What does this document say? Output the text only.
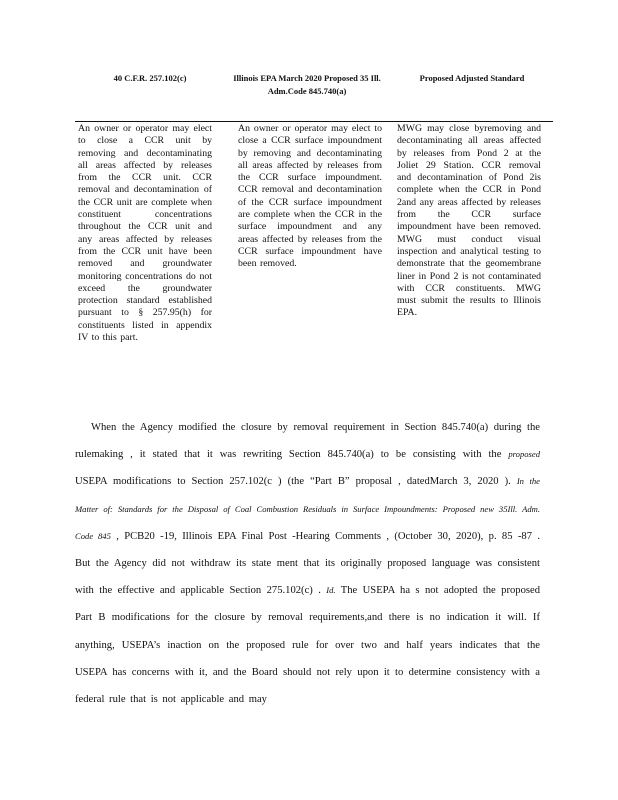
40 C.F.R. 257.102(c)	Illinois EPA March 2020 Proposed 35 Ill. Adm.Code 845.740(a)
Proposed Adjusted Standard
An owner or operator may elect to close a CCR unit by removing and decontaminating all areas affected by releases from the CCR unit. CCR removal and decontamination of the CCR unit are complete when constituent concentrations throughout the CCR unit and any areas affected by releases from the CCR unit have been removed and groundwater monitoring concentrations do not exceed the groundwater protection standard established pursuant to § 257.95(h) for constituents listed in appendix IV to this part.
An owner or operator may elect to close a CCR surface impoundment by removing and decontaminating all areas affected by releases from the CCR surface impoundment. CCR removal and decontamination of the CCR surface impoundment are complete when the CCR in the surface impoundment and any areas affected by releases from the CCR surface impoundment have been removed.
MWG may close byremoving and decontaminating all areas affected by releases from Pond 2 at the Joliet 29 Station. CCR removal and decontamination of Pond 2is complete when the CCR in Pond 2and any areas affected by releases from the CCR surface impoundment have been removed. MWG must conduct visual inspection and analytical testing to demonstrate that the geomembrane liner in Pond 2 is not contaminated with CCR constituents. MWG must submit the results to Illinois EPA.

When the Agency modified the closure by removal requirement in Section 845.740(a) during the rulemaking , it stated that it was rewriting Section 845.740(a) to be consisting with the proposed USEPA modifications to Section 257.102(c ) (the “Part B” proposal , datedMarch 3, 2020 ). In the Matter of: Standards for the Disposal of Coal Combustion Residuals in Surface Impoundments: Proposed new 35Ill. Adm. Code 845 , PCB20 -19, Illinois EPA Final Post -Hearing Comments , (October 30, 2020), p. 85 -87 . But the Agency did not withdraw its state ment that its originally proposed language was consistent with the effective and applicable Section 275.102(c) . Id. The USEPA ha s not adopted the proposed Part B modifications for the closure by removal requirements,and there is no indication it will. If anything, USEPA’s inaction on the proposed rule for over two and half years indicates that the USEPA has concerns with it, and the Board should not rely upon it to determine consistency with a federal rule that is not applicable and may
